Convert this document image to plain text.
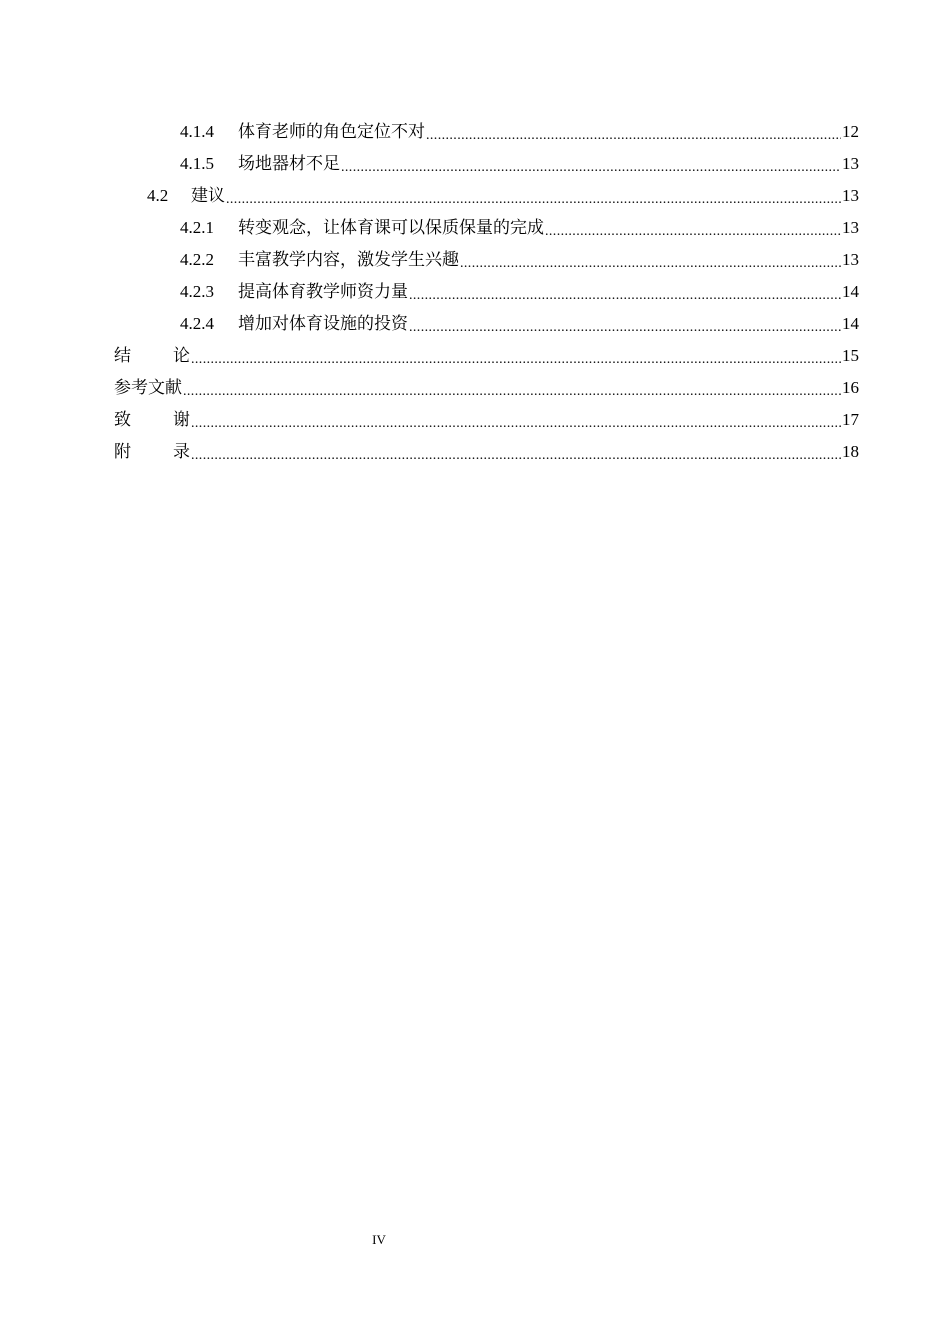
4.1.4	体育老师的角色定位不对 .....	12
4.1.5	场地器材不足 .....	13
4.2	建议 .....	13
4.2.1	转变观念，让体育课可以保质保量的完成 .....	13
4.2.2	丰富教学内容，激发学生兴趣 .....	13
4.2.3	提高体育教学师资力量 .....	14
4.2.4	增加对体育设施的投资 .....	14
结 论 .....	15
参考文献 .....	16
致 谢 .....	17
附 录 .....	18
IV
